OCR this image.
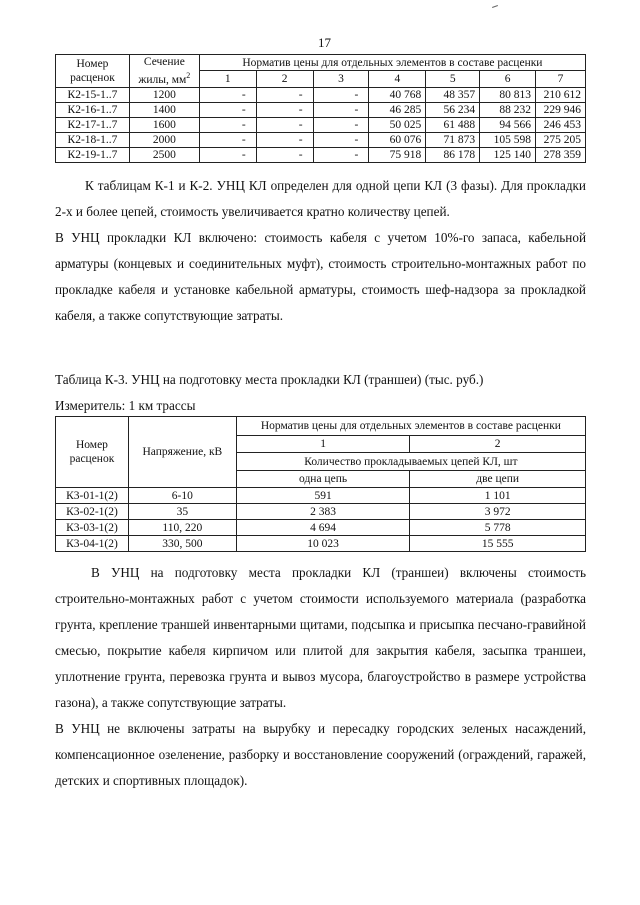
17
Номер расценок	Сечение жилы, $мм^2$	Норматив цены для отдельных элементов в составе расценки						
		1	2	3	4	5	6	7
К2-15-1..7	1200	-	-	-	40 768	48 357	80 813	210 612
К2-16-1..7	1400	-	-	-	46 285	56 234	88 232	229 946
К2-17-1..7	1600	-	-	-	50 025	61 488	94 566	246 453
К2-18-1..7	2000	-	-	-	60 076	71 873	105 598	275 205
К2-19-1..7	2500	-	-	-	75 918	86 178	125 140	278 359

К таблицам К-1 и К-2. УНЦ КЛ определен для одной цепи КЛ (3 фазы). Для прокладки 2-х и более цепей, стоимость увеличивается кратно количеству цепей.

В УНЦ прокладки КЛ включено: стоимость кабеля с учетом 10%-го запаса, кабельной арматуры (концевых и соединительных муфт), стоимость строительно-монтажных работ по прокладке кабеля и установке кабельной арматуры, стоимость шеф-надзора за прокладкой кабеля, а также сопутствующие затраты.

Таблица К-3. УНЦ на подготовку места прокладки КЛ (траншеи) (тыс. руб.)
Измеритель: 1 км трассы
Номер расценок	Напряжение, кВ	Норматив цены для отдельных элементов в составе расценки	
		1	2
		Количество прокладываемых цепей КЛ, шт	
		одна цепь	две цепи
К3-01-1(2)	6-10	591	1 101
К3-02-1(2)	35	2 383	3 972
К3-03-1(2)	110, 220	4 694	5 778
К3-04-1(2)	330, 500	10 023	15 555

В УНЦ на подготовку места прокладки КЛ (траншеи) включены стоимость строительно-монтажных работ с учетом стоимости используемого материала (разработка грунта, крепление траншей инвентарными щитами, подсыпка и присыпка песчано-гравийной смесью, покрытие кабеля кирпичом или плитой для закрытия кабеля, засыпка траншеи, уплотнение грунта, перевозка грунта и вывоз мусора, благоустройство в размере устройства газона), а также сопутствующие затраты.

В УНЦ не включены затраты на вырубку и пересадку городских зеленых насаждений, компенсационное озеленение, разборку и восстановление сооружений (ограждений, гаражей, детских и спортивных площадок).
